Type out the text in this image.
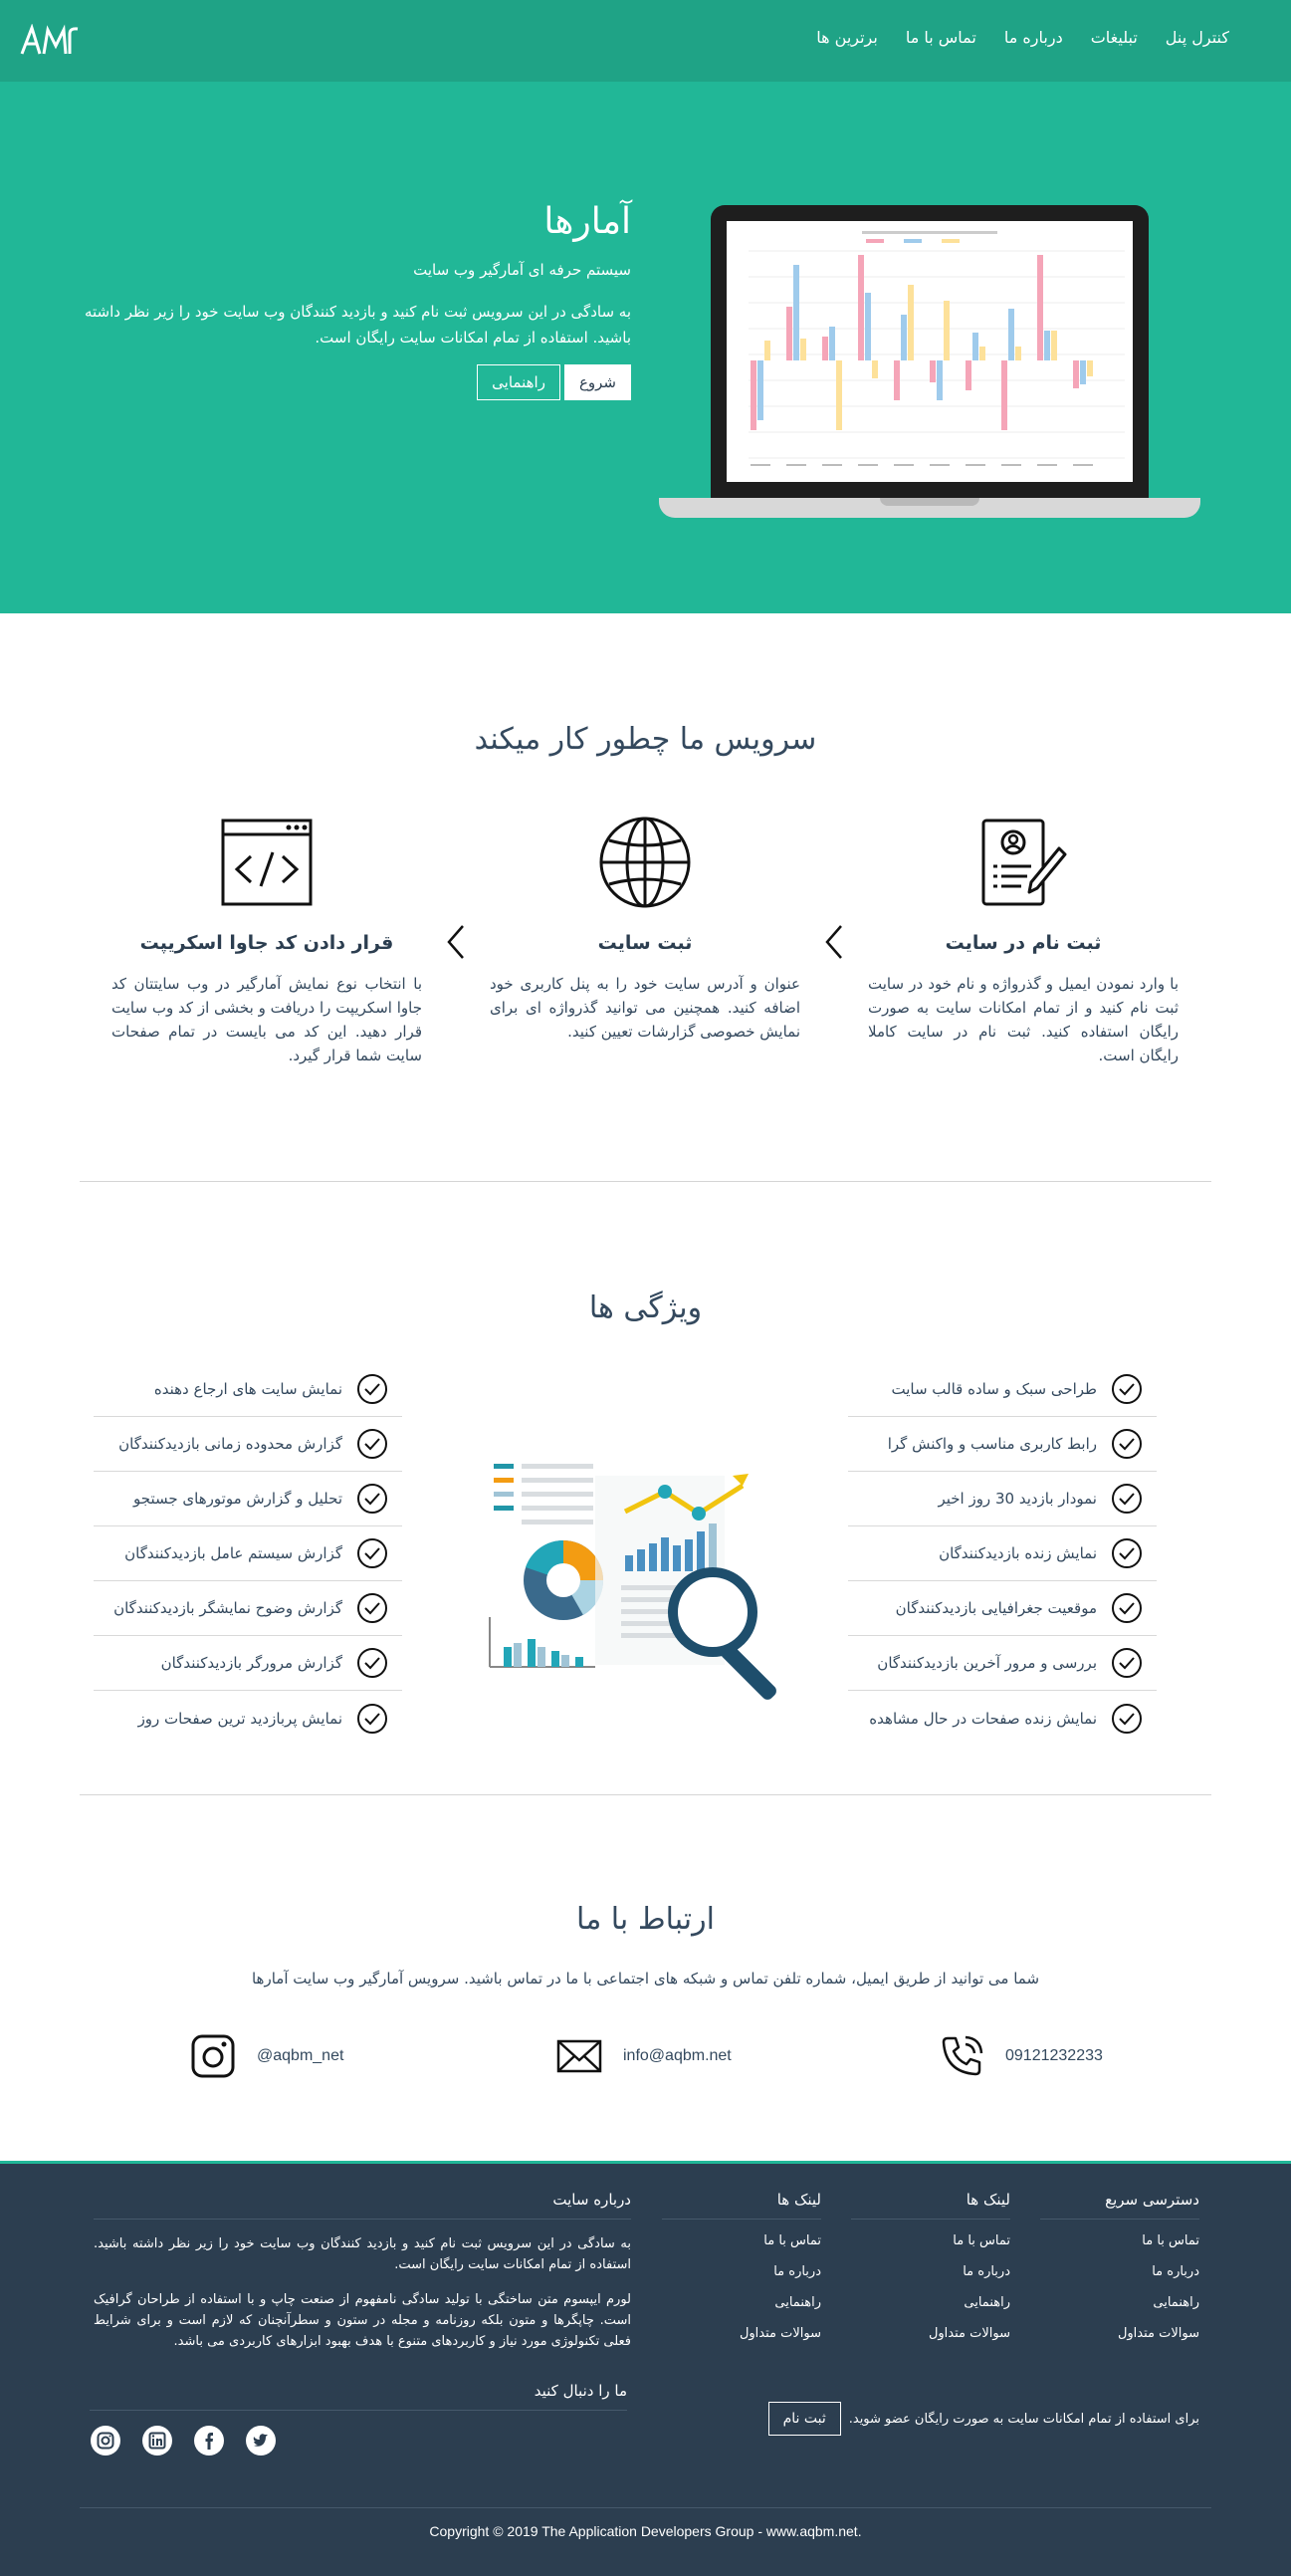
کنترل پنل
تبلیغات
درباره ما
تماس با ما
برترین ها
آمارها
سیستم حرفه ای آمارگیر وب سایت
به سادگی در این سرویس ثبت نام کنید و بازدید کنندگان وب سایت خود را زیر نظر داشته باشید. استفاده از تمام امکانات سایت رایگان است.
شروع
راهنمایی
سرویس ما چطور کار میکند
ثبت نام در سایت

با وارد نمودن ایمیل و گذرواژه و نام خود در سایت ثبت نام کنید و از تمام امکانات سایت به صورت رایگان استفاده کنید. ثبت نام در سایت کاملا رایگان است.

ثبت سایت

عنوان و آدرس سایت خود را به پنل کاربری خود اضافه کنید. همچنین می توانید گذرواژه ای برای نمایش خصوصی گزارشات تعیین کنید.

قرار دادن کد جاوا اسکریپت

با انتخاب نوع نمایش آمارگیر در وب سایتتان کد جاوا اسکریپت را دریافت و بخشی از کد وب سایت قرار دهید. این کد می بایست در تمام صفحات سایت شما قرار گیرد.

ویژگی ها
طراحی سبک و ساده قالب سایت
رابط کاربری مناسب و واکنش گرا
نمودار بازدید 30 روز اخیر
نمایش زنده بازدیدکنندگان
موقعیت جغرافیایی بازدیدکنندگان
بررسی و مرور آخرین بازدیدکنندگان
نمایش زنده صفحات در حال مشاهده
نمایش سایت های ارجاع دهنده
گزارش محدوده زمانی بازدیدکنندگان
تحلیل و گزارش موتورهای جستجو
گزارش سیستم عامل بازدیدکنندگان
گزارش وضوح نمایشگر بازدیدکنندگان
گزارش مرورگر بازدیدکنندگان
نمایش پربازدید ترین صفحات روز
ارتباط با ما
شما می توانید از طریق ایمیل، شماره تلفن تماس و شبکه های اجتماعی با ما در تماس باشید. سرویس آمارگیر وب سایت آمارها
09121232233
info@aqbm.net
@aqbm_net
دسترسی سریع
تماس با ما
درباره ما
راهنمایی
سوالات متداول
لینک ها
تماس با ما
درباره ما
راهنمایی
سوالات متداول
لینک ها
تماس با ما
درباره ما
راهنمایی
سوالات متداول
درباره سایت

به سادگی در این سرویس ثبت نام کنید و بازدید کنندگان وب سایت خود را زیر نظر داشته باشید. استفاده از تمام امکانات سایت رایگان است.

لورم ایپسوم متن ساختگی با تولید سادگی نامفهوم از صنعت چاپ و با استفاده از طراحان گرافیک است. چاپگرها و متون بلکه روزنامه و مجله در ستون و سطرآنچنان که لازم است و برای شرایط فعلی تکنولوژی مورد نیاز و کاربردهای متنوع با هدف بهبود ابزارهای کاربردی می باشد.

ما را دنبال کنید
برای استفاده از تمام امکانات سایت به صورت رایگان عضو شوید.
ثبت نام
Copyright © 2019 The Application Developers Group - www.aqbm.net.
